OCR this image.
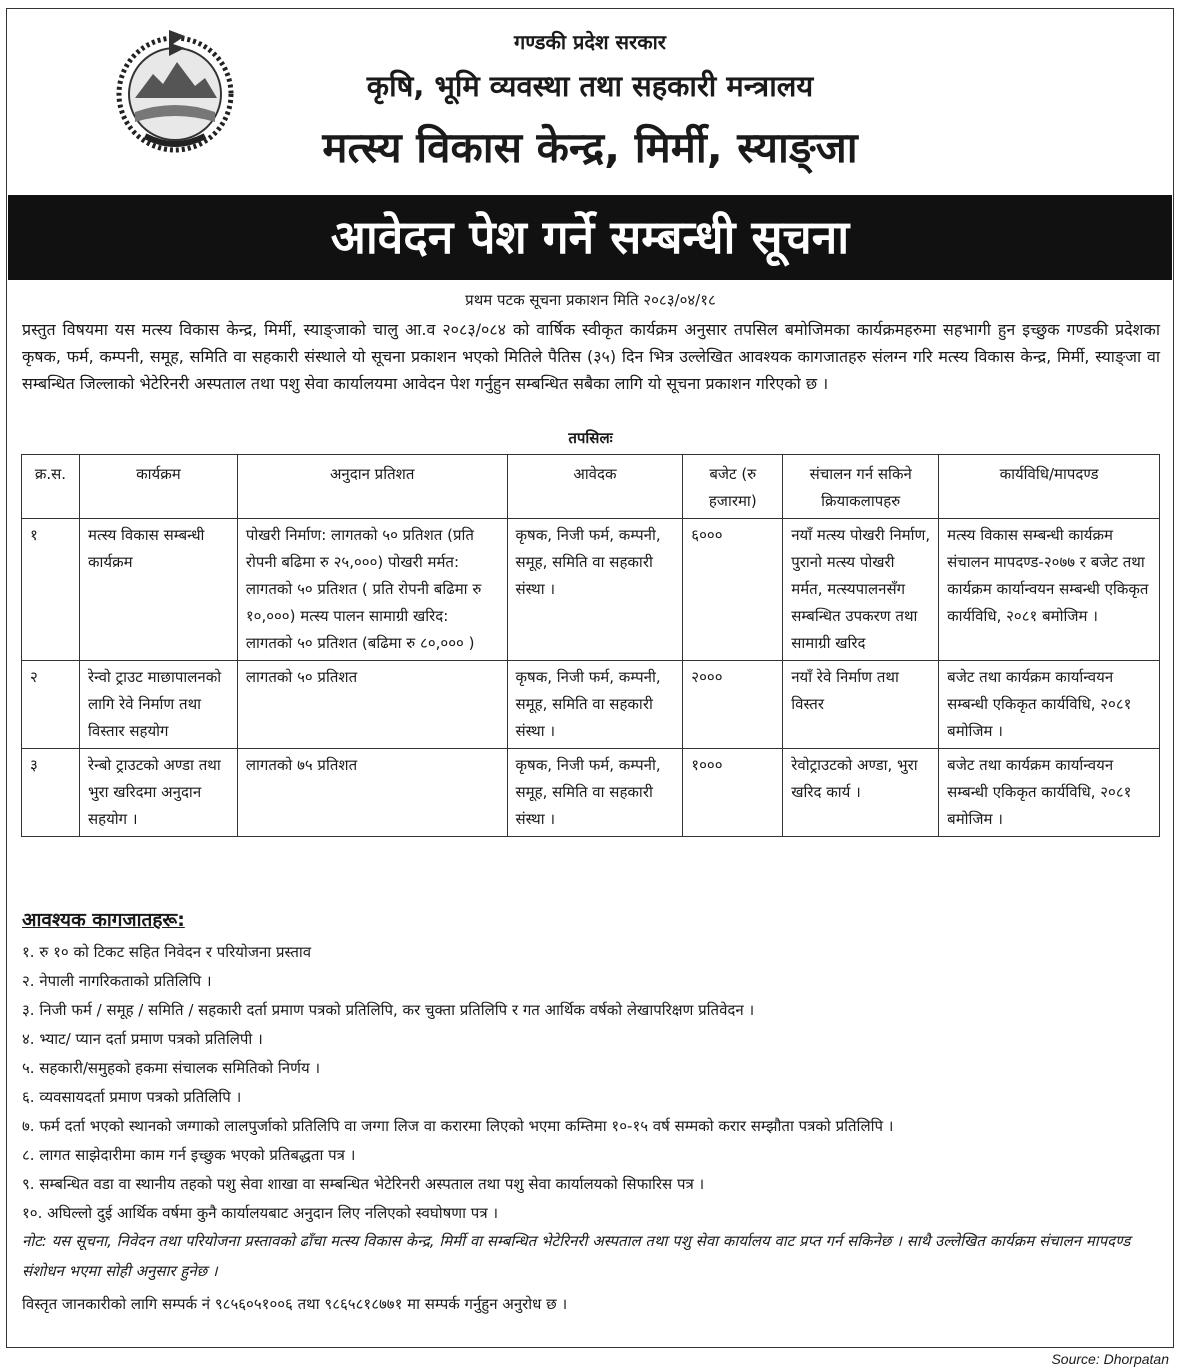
गण्डकी प्रदेश सरकार
कृषि, भूमि व्यवस्था तथा सहकारी मन्त्रालय
मत्स्य विकास केन्द्र, मिर्मी, स्याङ्जा
आवेदन पेश गर्ने सम्बन्धी सूचना
प्रथम पटक सूचना प्रकाशन मिति २०८३/०४/१८

प्रस्तुत विषयमा यस मत्स्य विकास केन्द्र, मिर्मी, स्याङ्जाको चालु आ.व २०८३/०८४ को वार्षिक स्वीकृत कार्यक्रम अनुसार तपसिल बमोजिमका कार्यक्रमहरुमा सहभागी हुन इच्छुक गण्डकी प्रदेशका कृषक, फर्म, कम्पनी, समूह, समिति वा सहकारी संस्थाले यो सूचना प्रकाशन भएको मितिले पैतिस (३५) दिन भित्र उल्लेखित आवश्यक कागजातहरु संलग्न गरि मत्स्य विकास केन्द्र, मिर्मी, स्याङ्जा वा सम्बन्धित जिल्लाको भेटेरिनरी अस्पताल तथा पशु सेवा कार्यालयमा आवेदन पेश गर्नुहुन सम्बन्धित सबैका लागि यो सूचना प्रकाशन गरिएको छ ।

तपसिलः
क्र.स.	कार्यक्रम	अनुदान प्रतिशत	आवेदक	बजेट (रु हजारमा)	संचालन गर्न सकिने क्रियाकलापहरु	कार्यविधि/मापदण्ड
१	मत्स्य विकास सम्बन्धी कार्यक्रम	पोखरी निर्माण: लागतको ५० प्रतिशत (प्रति रोपनी बढिमा रु २५,०००) पोखरी मर्मत: लागतको ५० प्रतिशत ( प्रति रोपनी बढिमा रु १०,०००) मत्स्य पालन सामाग्री खरिद: लागतको ५० प्रतिशत (बढिमा रु ८०,००० )	कृषक, निजी फर्म, कम्पनी, समूह, समिति वा सहकारी संस्था ।	६०००	नयाँ मत्स्य पोखरी निर्माण, पुरानो मत्स्य पोखरी मर्मत, मत्स्यपालनसँग सम्बन्धित उपकरण तथा सामाग्री खरिद	मत्स्य विकास सम्बन्धी कार्यक्रम संचालन मापदण्ड-२०७७ र बजेट तथा कार्यक्रम कार्यान्वयन सम्बन्धी एकिकृत कार्यविधि, २०८१ बमोजिम ।
२	रेन्वो ट्राउट माछापालनको लागि रेवे निर्माण तथा विस्तार सहयोग	लागतको ५० प्रतिशत	कृषक, निजी फर्म, कम्पनी, समूह, समिति वा सहकारी संस्था ।	२०००	नयाँ रेवे निर्माण तथा विस्तर	बजेट तथा कार्यक्रम कार्यान्वयन सम्बन्धी एकिकृत कार्यविधि, २०८१ बमोजिम ।
३	रेन्बो ट्राउटको अण्डा तथा भुरा खरिदमा अनुदान सहयोग ।	लागतको ७५ प्रतिशत	कृषक, निजी फर्म, कम्पनी, समूह, समिति वा सहकारी संस्था ।	१०००	रेवोट्राउटको अण्डा, भुरा खरिद कार्य ।	बजेट तथा कार्यक्रम कार्यान्वयन सम्बन्धी एकिकृत कार्यविधि, २०८१ बमोजिम ।
आवश्यक कागजातहरू:
१. रु १० को टिकट सहित निवेदन र परियोजना प्रस्ताव
२. नेपाली नागरिकताको प्रतिलिपि ।
३. निजी फर्म / समूह / समिति / सहकारी दर्ता प्रमाण पत्रको प्रतिलिपि, कर चुक्ता प्रतिलिपि र गत आर्थिक वर्षको लेखापरिक्षण प्रतिवेदन ।
४. भ्याट/ प्यान दर्ता प्रमाण पत्रको प्रतिलिपी ।
५. सहकारी/समुहको हकमा संचालक समितिको निर्णय ।
६. व्यवसायदर्ता प्रमाण पत्रको प्रतिलिपि ।
७. फर्म दर्ता भएको स्थानको जग्गाको लालपुर्जाको प्रतिलिपि वा जग्गा लिज वा करारमा लिएको भएमा कम्तिमा १०-१५ वर्ष सम्मको करार सम्झौता पत्रको प्रतिलिपि ।
८. लागत साझेदारीमा काम गर्न इच्छुक भएको प्रतिबद्धता पत्र ।
९. सम्बन्धित वडा वा स्थानीय तहको पशु सेवा शाखा वा सम्बन्धित भेटेरिनरी अस्पताल तथा पशु सेवा कार्यालयको सिफारिस पत्र ।
१०. अघिल्लो दुई आर्थिक वर्षमा कुनै कार्यालयबाट अनुदान लिए नलिएको स्वघोषणा पत्र ।

नोट: यस सूचना, निवेदन तथा परियोजना प्रस्तावको ढाँचा मत्स्य विकास केन्द्र, मिर्मी वा सम्बन्धित भेटेरिनरी अस्पताल तथा पशु सेवा कार्यालय वाट प्रप्त गर्न सकिनेछ । साथै उल्लेखित कार्यक्रम संचालन मापदण्ड संशोधन भएमा सोही अनुसार हुनेछ ।

विस्तृत जानकारीको लागि सम्पर्क नं ९८५६०५१००६ तथा ९८६५८१८७७१ मा सम्पर्क गर्नुहुन अनुरोध छ ।
Source: Dhorpatan
